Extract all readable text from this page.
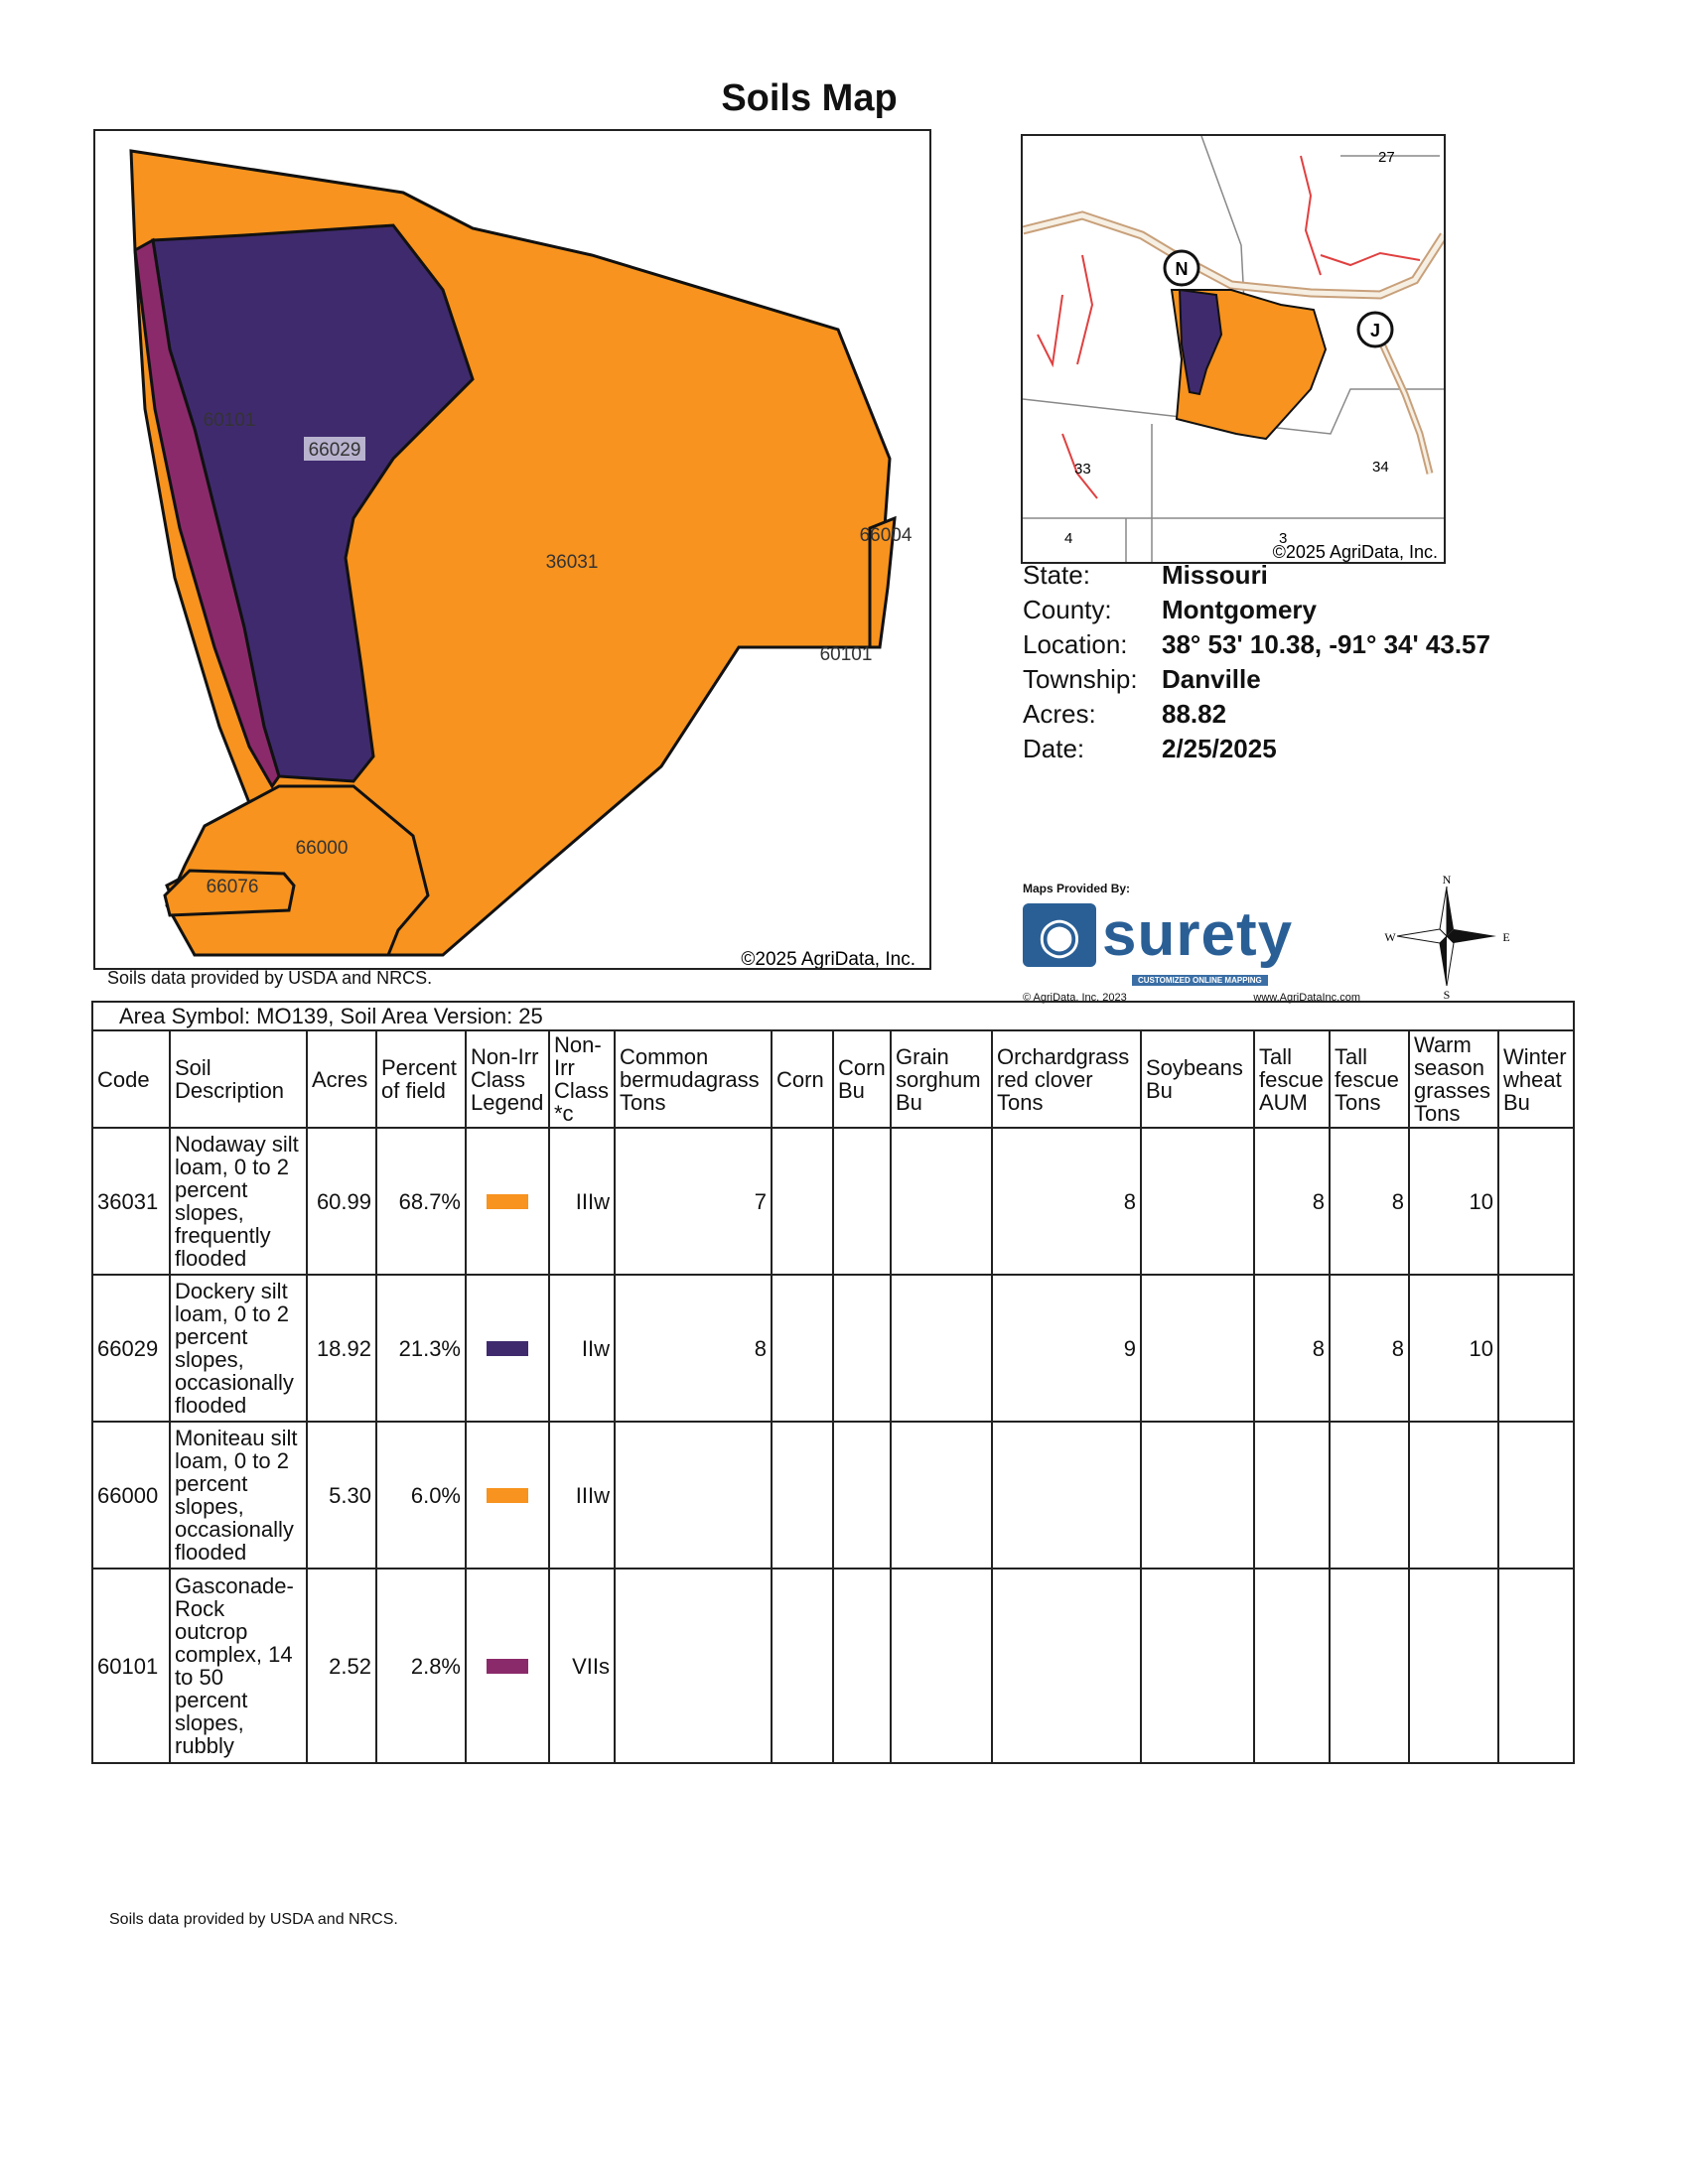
Soils Map
66029
60101
36031
66004
60101
66000
66076
©2025 AgriData, Inc.
Soils data provided by USDA and NRCS.
N
J
27
33	34
4	3
©2025 AgriData, Inc.
State:	Missouri
County:	Montgomery
Location:	38° 53' 10.38, -91° 34' 43.57
Township: Danville
Acres:	88.82
Date:	2/25/2025
Maps Provided By:
◉ surety
CUSTOMIZED ONLINE MAPPING
© AgriData, Inc. 2023	www.AgriDataInc.com
N
S
E
W
Area Symbol: MO139, Soil Area Version: 25															
Code	Soil Description	Acres	Percent of field	Non-Irr Class Legend	Non-Irr Class *c	Common bermudagrass Tons	Corn	Corn Bu	Grain sorghum Bu	Orchardgrass red clover Tons	Soybeans Bu	Tall fescue AUM	Tall fescue Tons	Warm season grasses Tons	Winter wheat Bu
36031	Nodaway silt loam, 0 to 2 percent slopes, frequently flooded	60.99	68.7%		IIIw	7				8		8	8	10	
66029	Dockery silt loam, 0 to 2 percent slopes, occasionally flooded	18.92	21.3%		IIw	8				9		8	8	10	
66000	Moniteau silt loam, 0 to 2 percent slopes, occasionally flooded	5.30	6.0%		IIIw										
60101	Gasconade-Rock outcrop complex, 14 to 50 percent slopes, rubbly	2.52	2.8%		VIIs										
Soils data provided by USDA and NRCS.
